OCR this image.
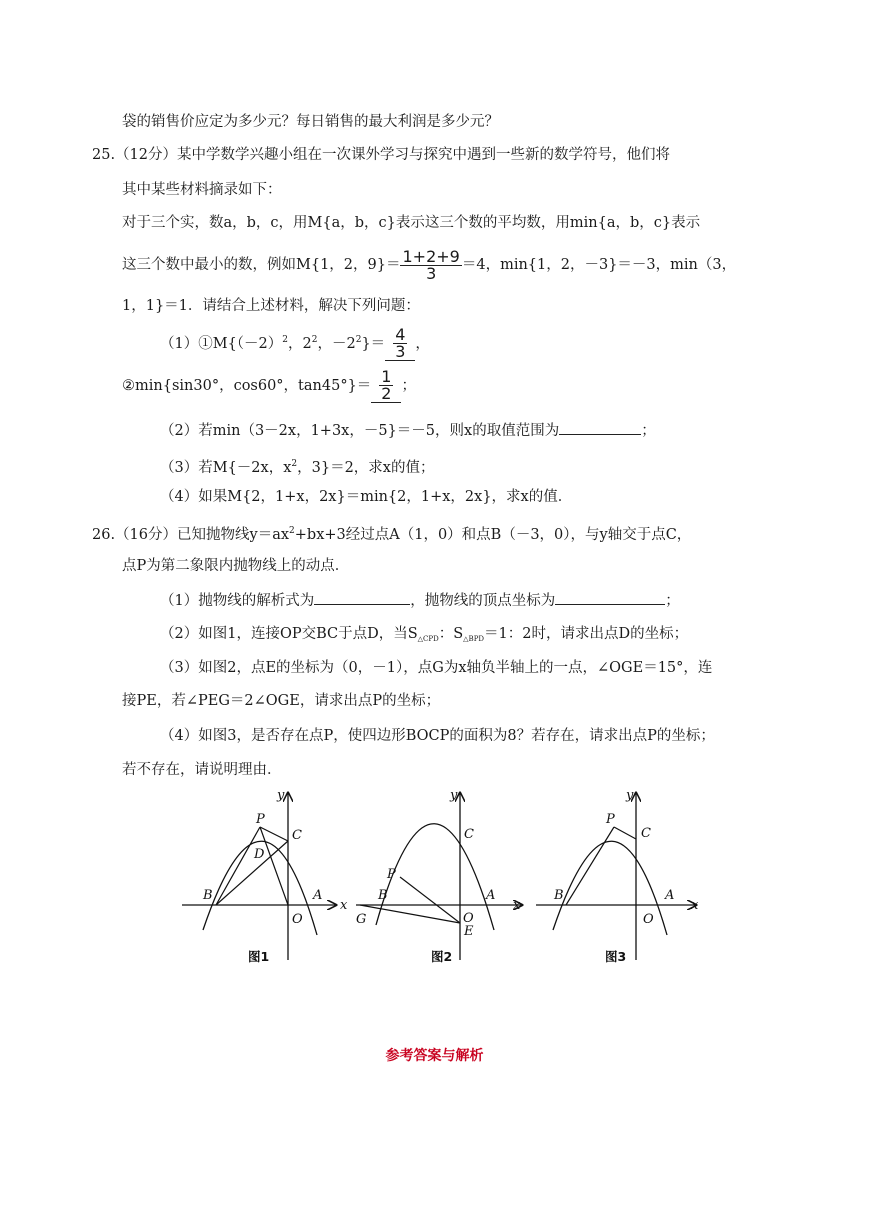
袋的销售价应定为多少元？每日销售的最大利润是多少元？
25.（12分）某中学数学兴趣小组在一次课外学习与探究中遇到一些新的数学符号，他们将
其中某些材料摘录如下：
对于三个实，数a，b，c，用M{a，b，c}表示这三个数的平均数，用min{a，b，c}表示
这三个数中最小的数，例如M{1，2，$9\}= \frac{1+2+9}{3} =4$，min{1，2，－3}＝－3，min（3，
1，1}＝1．请结合上述材料，解决下列问题：
$(1)①M\{(-2)^2$，$2^2$，$-2^2\}= \frac{4}{3}$ ，
②min{sin30°，cos60°，$\tan 45^\circ\}= \frac{1}{2}$ ；
（2）若min（3－2x，1+3x，－5}＝－5，则x的取值范围为	；
（3）若M{－2x，$x^2$，3}＝2，求x的值；
（4）如果M{2，1+x，2x}＝min{2，1+x，2x}，求x的值．
26.（16分）已知抛物线$y=ax^2+bx+3$经过点A（1，0）和点B（－3，0），与y轴交于点C，
点P为第二象限内抛物线上的动点．
（1）抛物线的解析式为	，抛物线的顶点坐标为	；
（2）如图1，连接OP交BC于点D，当$S_{\triangle CPD}$：$S_{\triangle BPD}=1$：2时，请求出点D的坐标；
（3）如图2，点E的坐标为（0，－1），点G为x轴负半轴上的一点，∠OGE＝15°，连
接PE，若∠PEG＝2∠OGE，请求出点P的坐标；
（4）如图3，是否存在点P，使四边形BOCP的面积为8？若存在，请求出点P的坐标；
若不存在，请说明理由．
y
x
P
C
D
B
O
A
图1
y
x
C
P
B
G	O
E
A
图2
y
x
P
C
B
O
A
图3
参考答案与解析
